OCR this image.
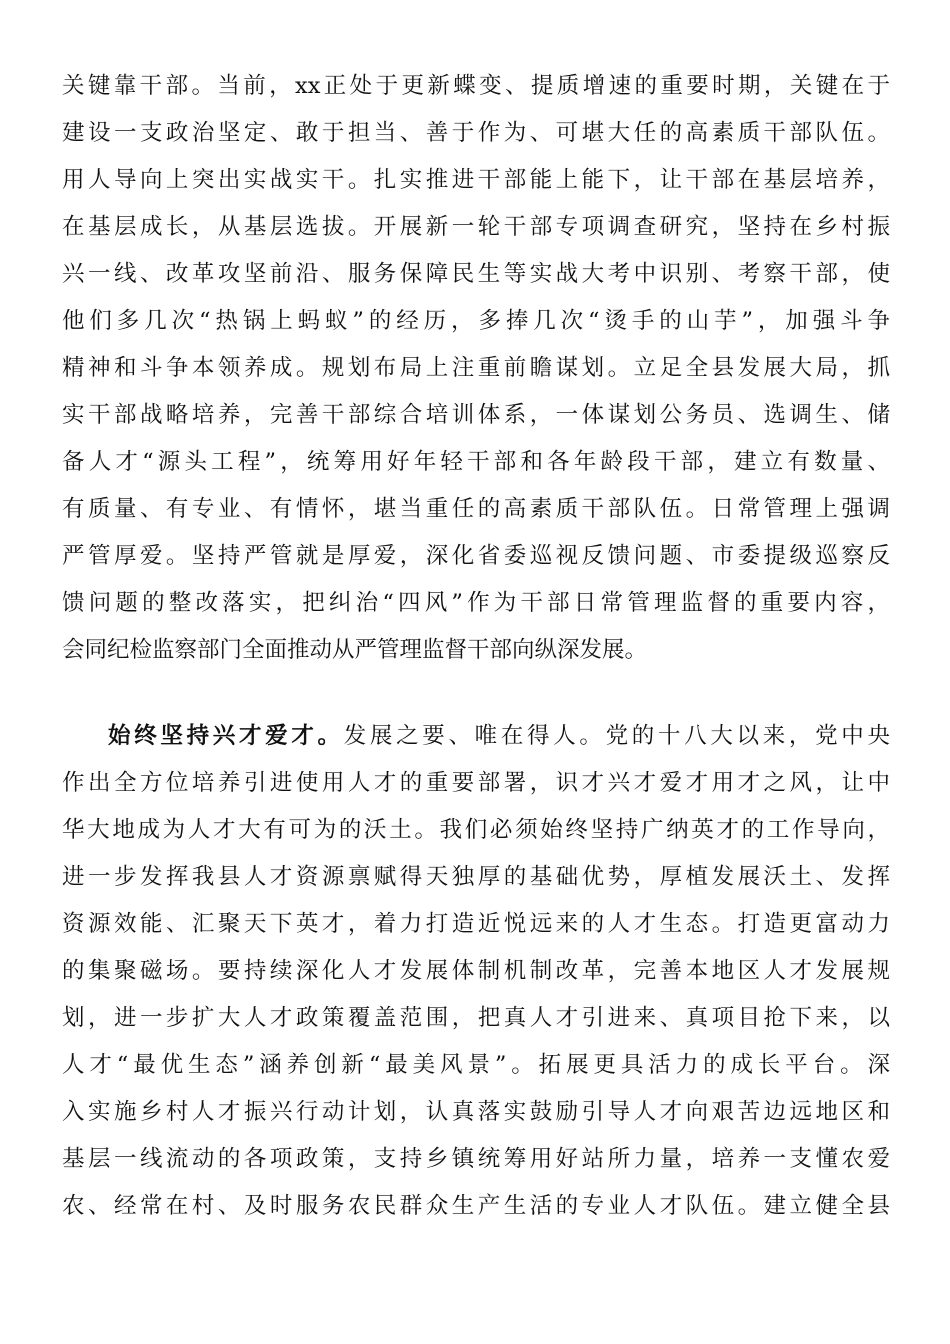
关键靠干部。当前，xx正处于更新蝶变、提质增速的重要时期，关键在于
建设一支政治坚定、敢于担当、善于作为、可堪大任的高素质干部队伍。
用人导向上突出实战实干。扎实推进干部能上能下，让干部在基层培养，
在基层成长，从基层选拔。开展新一轮干部专项调查研究，坚持在乡村振
兴一线、改革攻坚前沿、服务保障民生等实战大考中识别、考察干部，使
他们多几次“热锅上蚂蚁”的经历，多捧几次“烫手的山芋”，加强斗争
精神和斗争本领养成。规划布局上注重前瞻谋划。立足全县发展大局，抓
实干部战略培养，完善干部综合培训体系，一体谋划公务员、选调生、储
备人才“源头工程”，统筹用好年轻干部和各年龄段干部，建立有数量、
有质量、有专业、有情怀，堪当重任的高素质干部队伍。日常管理上强调
严管厚爱。坚持严管就是厚爱，深化省委巡视反馈问题、市委提级巡察反
馈问题的整改落实，把纠治“四风”作为干部日常管理监督的重要内容，
会同纪检监察部门全面推动从严管理监督干部向纵深发展。
始终坚持兴才爱才。发展之要、唯在得人。党的十八大以来，党中央
作出全方位培养引进使用人才的重要部署，识才兴才爱才用才之风，让中
华大地成为人才大有可为的沃土。我们必须始终坚持广纳英才的工作导向，
进一步发挥我县人才资源禀赋得天独厚的基础优势，厚植发展沃土、发挥
资源效能、汇聚天下英才，着力打造近悦远来的人才生态。打造更富动力
的集聚磁场。要持续深化人才发展体制机制改革，完善本地区人才发展规
划，进一步扩大人才政策覆盖范围，把真人才引进来、真项目抢下来，以
人才“最优生态”涵养创新“最美风景”。拓展更具活力的成长平台。深
入实施乡村人才振兴行动计划，认真落实鼓励引导人才向艰苦边远地区和
基层一线流动的各项政策，支持乡镇统筹用好站所力量，培养一支懂农爱
农、经常在村、及时服务农民群众生产生活的专业人才队伍。建立健全县
